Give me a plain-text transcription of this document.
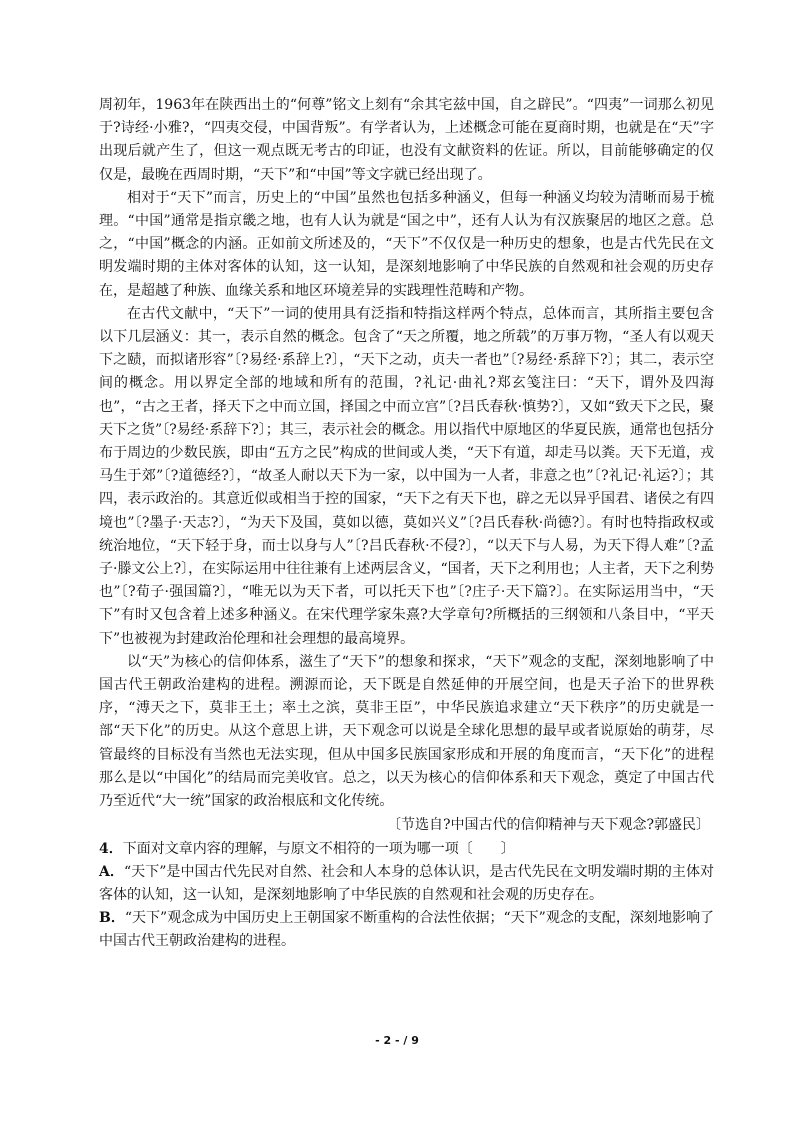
周初年，1963年在陕西出土的“何尊”铭文上刻有“余其宅兹中国，自之辟民”。“四夷”一词那么初见于?诗经·小雅?，“四夷交侵，中国背叛”。有学者认为，上述概念可能在夏商时期，也就是在“天”字出现后就产生了，但这一观点既无考古的印证，也没有文献资料的佐证。所以，目前能够确定的仅仅是，最晚在西周时期，“天下”和“中国”等文字就已经出现了。

相对于“天下”而言，历史上的“中国”虽然也包括多种涵义，但每一种涵义均较为清晰而易于梳理。“中国”通常是指京畿之地，也有人认为就是“国之中”，还有人认为有汉族聚居的地区之意。总之，“中国”概念的内涵。正如前文所述及的，“天下”不仅仅是一种历史的想象，也是古代先民在文明发端时期的主体对客体的认知，这一认知，是深刻地影响了中华民族的自然观和社会观的历史存在，是超越了种族、血缘关系和地区环境差异的实践理性范畴和产物。

在古代文献中，“天下”一词的使用具有泛指和特指这样两个特点，总体而言，其所指主要包含以下几层涵义：其一，表示自然的概念。包含了“天之所覆，地之所载”的万事万物，“圣人有以观天下之赜，而拟诸形容”〔?易经·系辞上?〕，“天下之动，贞夫一者也”〔?易经·系辞下?〕；其二，表示空间的概念。用以界定全部的地域和所有的范围，?礼记·曲礼?郑玄笺注曰：“天下，谓外及四海也”，“古之王者，择天下之中而立国，择国之中而立宫”〔?吕氏春秋·慎势?〕，又如“致天下之民，聚天下之货”〔?易经·系辞下?〕；其三，表示社会的概念。用以指代中原地区的华夏民族，通常也包括分布于周边的少数民族，即由“五方之民”构成的世间或人类，“天下有道，却走马以粪。天下无道，戎马生于郊”〔?道德经?〕，“故圣人耐以天下为一家，以中国为一人者，非意之也”〔?礼记·礼运?〕；其四，表示政治的。其意近似或相当于控的国家，“天下之有天下也，辟之无以异乎国君、诸侯之有四境也”〔?墨子·天志?〕，“为天下及国，莫如以德，莫如兴义”〔?吕氏春秋·尚德?〕。有时也特指政权或统治地位，“天下轻于身，而士以身与人”〔?吕氏春秋·不侵?〕，“以天下与人易，为天下得人难”〔?孟子·滕文公上?〕，在实际运用中往往兼有上述两层含义，“国者，天下之利用也；人主者，天下之利势也”〔?荀子·强国篇?〕，“唯无以为天下者，可以托天下也”〔?庄子·天下篇?〕。在实际运用当中，“天下”有时又包含着上述多种涵义。在宋代理学家朱熹?大学章句?所概括的三纲领和八条目中，“平天下”也被视为封建政治伦理和社会理想的最高境界。

以“天”为核心的信仰体系，滋生了“天下”的想象和探求，“天下”观念的支配，深刻地影响了中国古代王朝政治建构的进程。溯源而论，天下既是自然延伸的开展空间，也是天子治下的世界秩序，“溥天之下，莫非王土；率土之滨，莫非王臣”，中华民族追求建立“天下秩序”的历史就是一部“天下化”的历史。从这个意思上讲，天下观念可以说是全球化思想的最早或者说原始的萌芽，尽管最终的目标没有当然也无法实现，但从中国多民族国家形成和开展的角度而言，“天下化”的进程那么是以“中国化”的结局而完美收官。总之，以天为核心的信仰体系和天下观念，奠定了中国古代乃至近代“大一统”国家的政治根底和文化传统。

〔节选自?中国古代的信仰精神与天下观念?郭盛民〕

4．下面对文章内容的理解，与原文不相符的一项为哪一项〔　　〕

A．“天下”是中国古代先民对自然、社会和人本身的总体认识，是古代先民在文明发端时期的主体对客体的认知，这一认知，是深刻地影响了中华民族的自然观和社会观的历史存在。

B．“天下”观念成为中国历史上王朝国家不断重构的合法性依据；“天下”观念的支配，深刻地影响了中国古代王朝政治建构的进程。

- 2 - / 9
